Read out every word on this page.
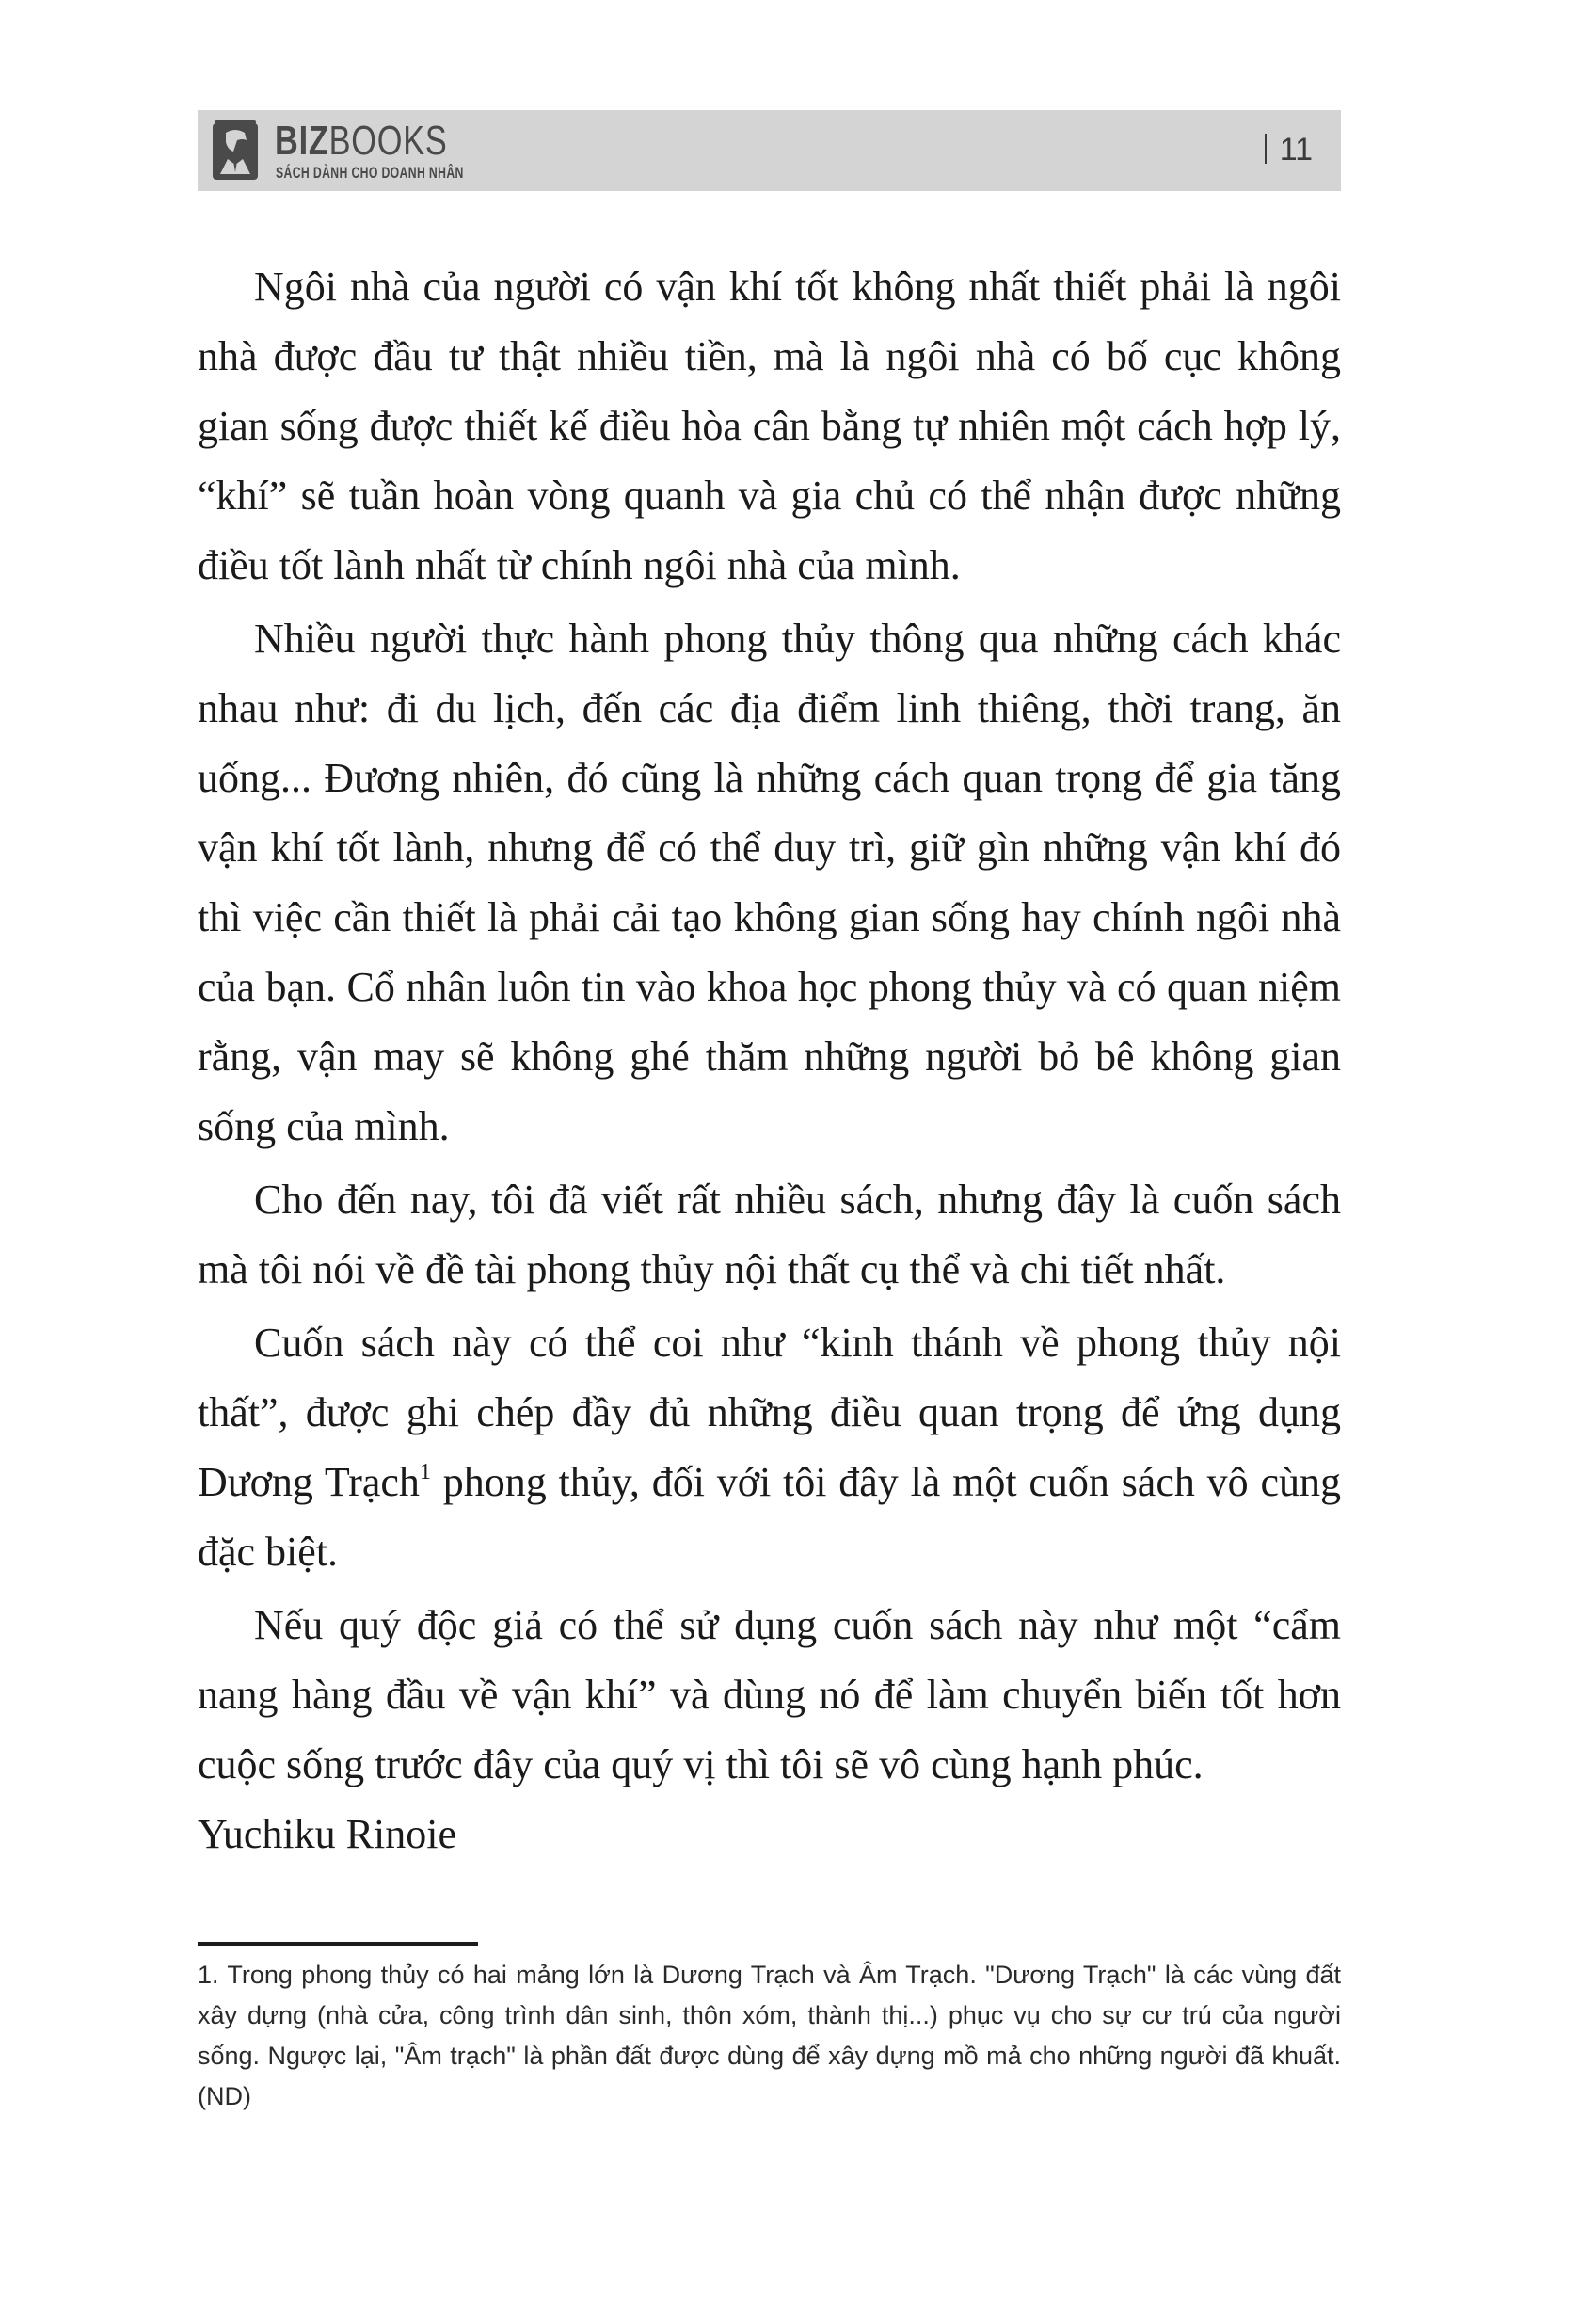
BIZBOOKS
SÁCH DÀNH CHO DOANH NHÂN
11

Ngôi nhà của người có vận khí tốt không nhất thiết phải là ngôi nhà được đầu tư thật nhiều tiền, mà là ngôi nhà có bố cục không gian sống được thiết kế điều hòa cân bằng tự nhiên một cách hợp lý, “khí” sẽ tuần hoàn vòng quanh và gia chủ có thể nhận được những điều tốt lành nhất từ chính ngôi nhà của mình.

Nhiều người thực hành phong thủy thông qua những cách khác nhau như: đi du lịch, đến các địa điểm linh thiêng, thời trang, ăn uống... Đương nhiên, đó cũng là những cách quan trọng để gia tăng vận khí tốt lành, nhưng để có thể duy trì, giữ gìn những vận khí đó thì việc cần thiết là phải cải tạo không gian sống hay chính ngôi nhà của bạn. Cổ nhân luôn tin vào khoa học phong thủy và có quan niệm rằng, vận may sẽ không ghé thăm những người bỏ bê không gian sống của mình.

Cho đến nay, tôi đã viết rất nhiều sách, nhưng đây là cuốn sách mà tôi nói về đề tài phong thủy nội thất cụ thể và chi tiết nhất.

Cuốn sách này có thể coi như “kinh thánh về phong thủy nội thất”, được ghi chép đầy đủ những điều quan trọng để ứng dụng Dương Trạch$^1$ phong thủy, đối với tôi đây là một cuốn sách vô cùng đặc biệt.

Nếu quý độc giả có thể sử dụng cuốn sách này như một “cẩm nang hàng đầu về vận khí” và dùng nó để làm chuyển biến tốt hơn cuộc sống trước đây của quý vị thì tôi sẽ vô cùng hạnh phúc.

Yuchiku Rinoie
1. Trong phong thủy có hai mảng lớn là Dương Trạch và Âm Trạch. "Dương Trạch" là các vùng đất xây dựng (nhà cửa, công trình dân sinh, thôn xóm, thành thị...) phục vụ cho sự cư trú của người sống. Ngược lại, "Âm trạch" là phần đất được dùng để xây dựng mồ mả cho những người đã khuất. (ND)
